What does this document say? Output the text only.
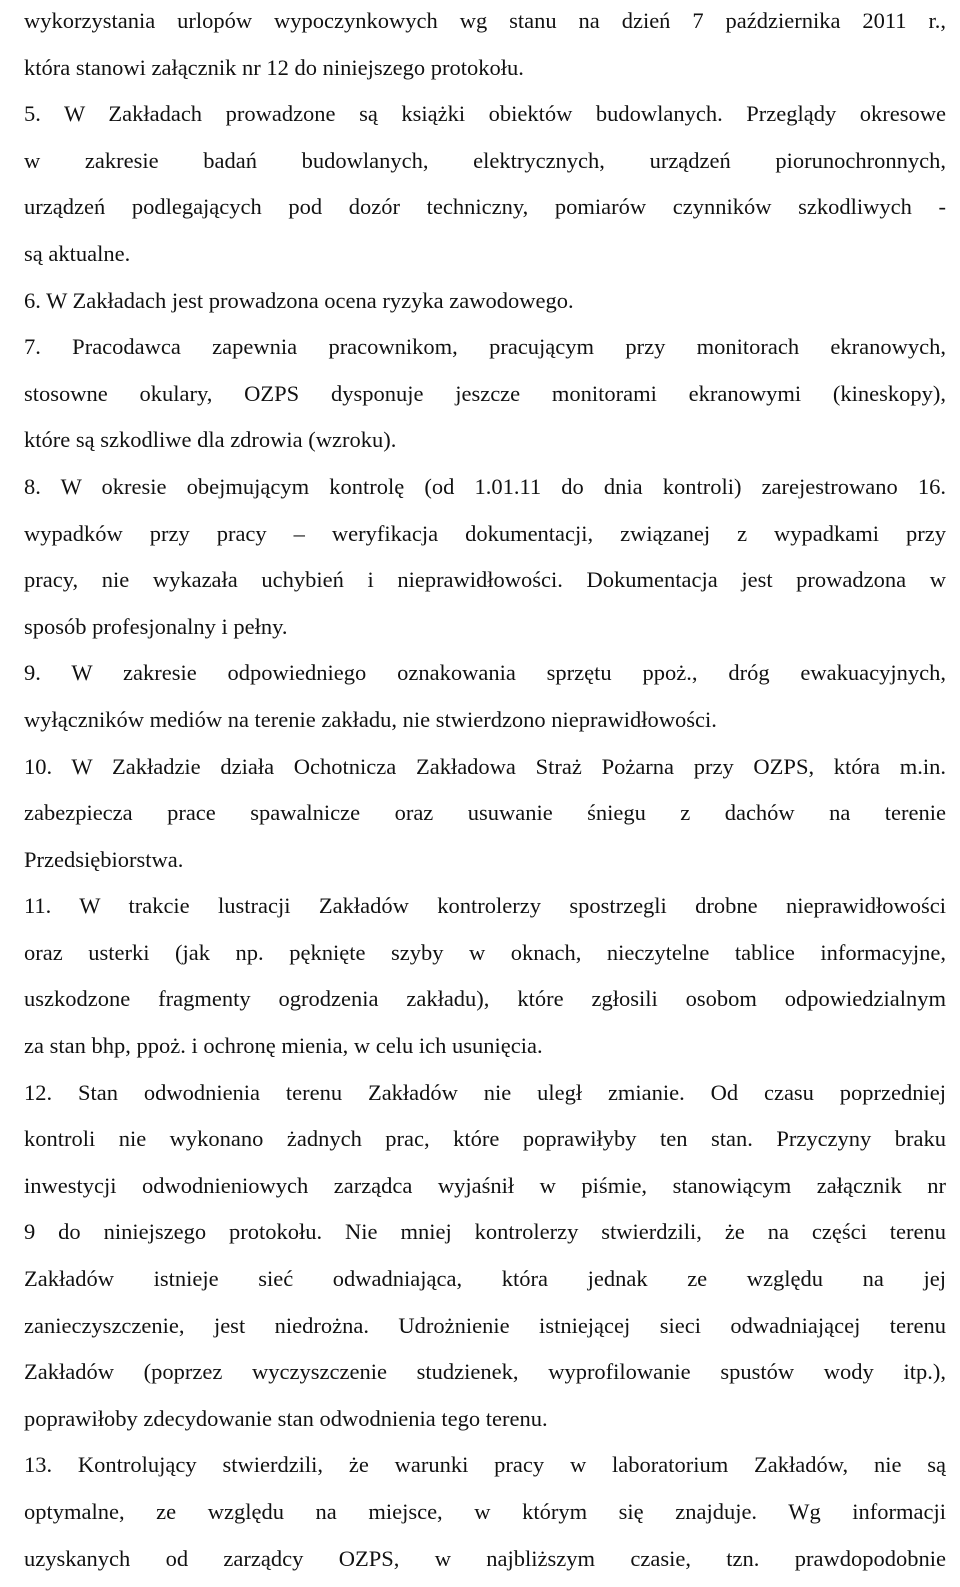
wykorzystania urlopów wypoczynkowych wg stanu na dzień 7 października 2011 r.,
która stanowi załącznik nr 12 do niniejszego protokołu.
5. W Zakładach prowadzone są książki obiektów budowlanych. Przeglądy okresowe
w zakresie badań budowlanych, elektrycznych, urządzeń piorunochronnych,
urządzeń podlegających pod dozór techniczny, pomiarów czynników szkodliwych -
są aktualne.
6. W Zakładach jest prowadzona ocena ryzyka zawodowego.
7. Pracodawca zapewnia pracownikom, pracującym przy monitorach ekranowych,
stosowne okulary, OZPS dysponuje jeszcze monitorami ekranowymi (kineskopy),
które są szkodliwe dla zdrowia (wzroku).
8. W okresie obejmującym kontrolę (od 1.01.11 do dnia kontroli) zarejestrowano 16.
wypadków przy pracy – weryfikacja dokumentacji, związanej z wypadkami przy
pracy, nie wykazała uchybień i nieprawidłowości. Dokumentacja jest prowadzona w
sposób profesjonalny i pełny.
9. W zakresie odpowiedniego oznakowania sprzętu ppoż., dróg ewakuacyjnych,
wyłączników mediów na terenie zakładu, nie stwierdzono nieprawidłowości.
10. W Zakładzie działa Ochotnicza Zakładowa Straż Pożarna przy OZPS, która m.in.
zabezpiecza prace spawalnicze oraz usuwanie śniegu z dachów na terenie
Przedsiębiorstwa.
11. W trakcie lustracji Zakładów kontrolerzy spostrzegli drobne nieprawidłowości
oraz usterki (jak np. pęknięte szyby w oknach, nieczytelne tablice informacyjne,
uszkodzone fragmenty ogrodzenia zakładu), które zgłosili osobom odpowiedzialnym
za stan bhp, ppoż. i ochronę mienia, w celu ich usunięcia.
12. Stan odwodnienia terenu Zakładów nie uległ zmianie. Od czasu poprzedniej
kontroli nie wykonano żadnych prac, które poprawiłyby ten stan. Przyczyny braku
inwestycji odwodnieniowych zarządca wyjaśnił w piśmie, stanowiącym załącznik nr
9 do niniejszego protokołu. Nie mniej kontrolerzy stwierdzili, że na części terenu
Zakładów istnieje sieć odwadniająca, która jednak ze względu na jej
zanieczyszczenie, jest niedrożna. Udrożnienie istniejącej sieci odwadniającej terenu
Zakładów (poprzez wyczyszczenie studzienek, wyprofilowanie spustów wody itp.),
poprawiłoby zdecydowanie stan odwodnienia tego terenu.
13. Kontrolujący stwierdzili, że warunki pracy w laboratorium Zakładów, nie są
optymalne, ze względu na miejsce, w którym się znajduje. Wg informacji
uzyskanych od zarządcy OZPS, w najbliższym czasie, tzn. prawdopodobnie
